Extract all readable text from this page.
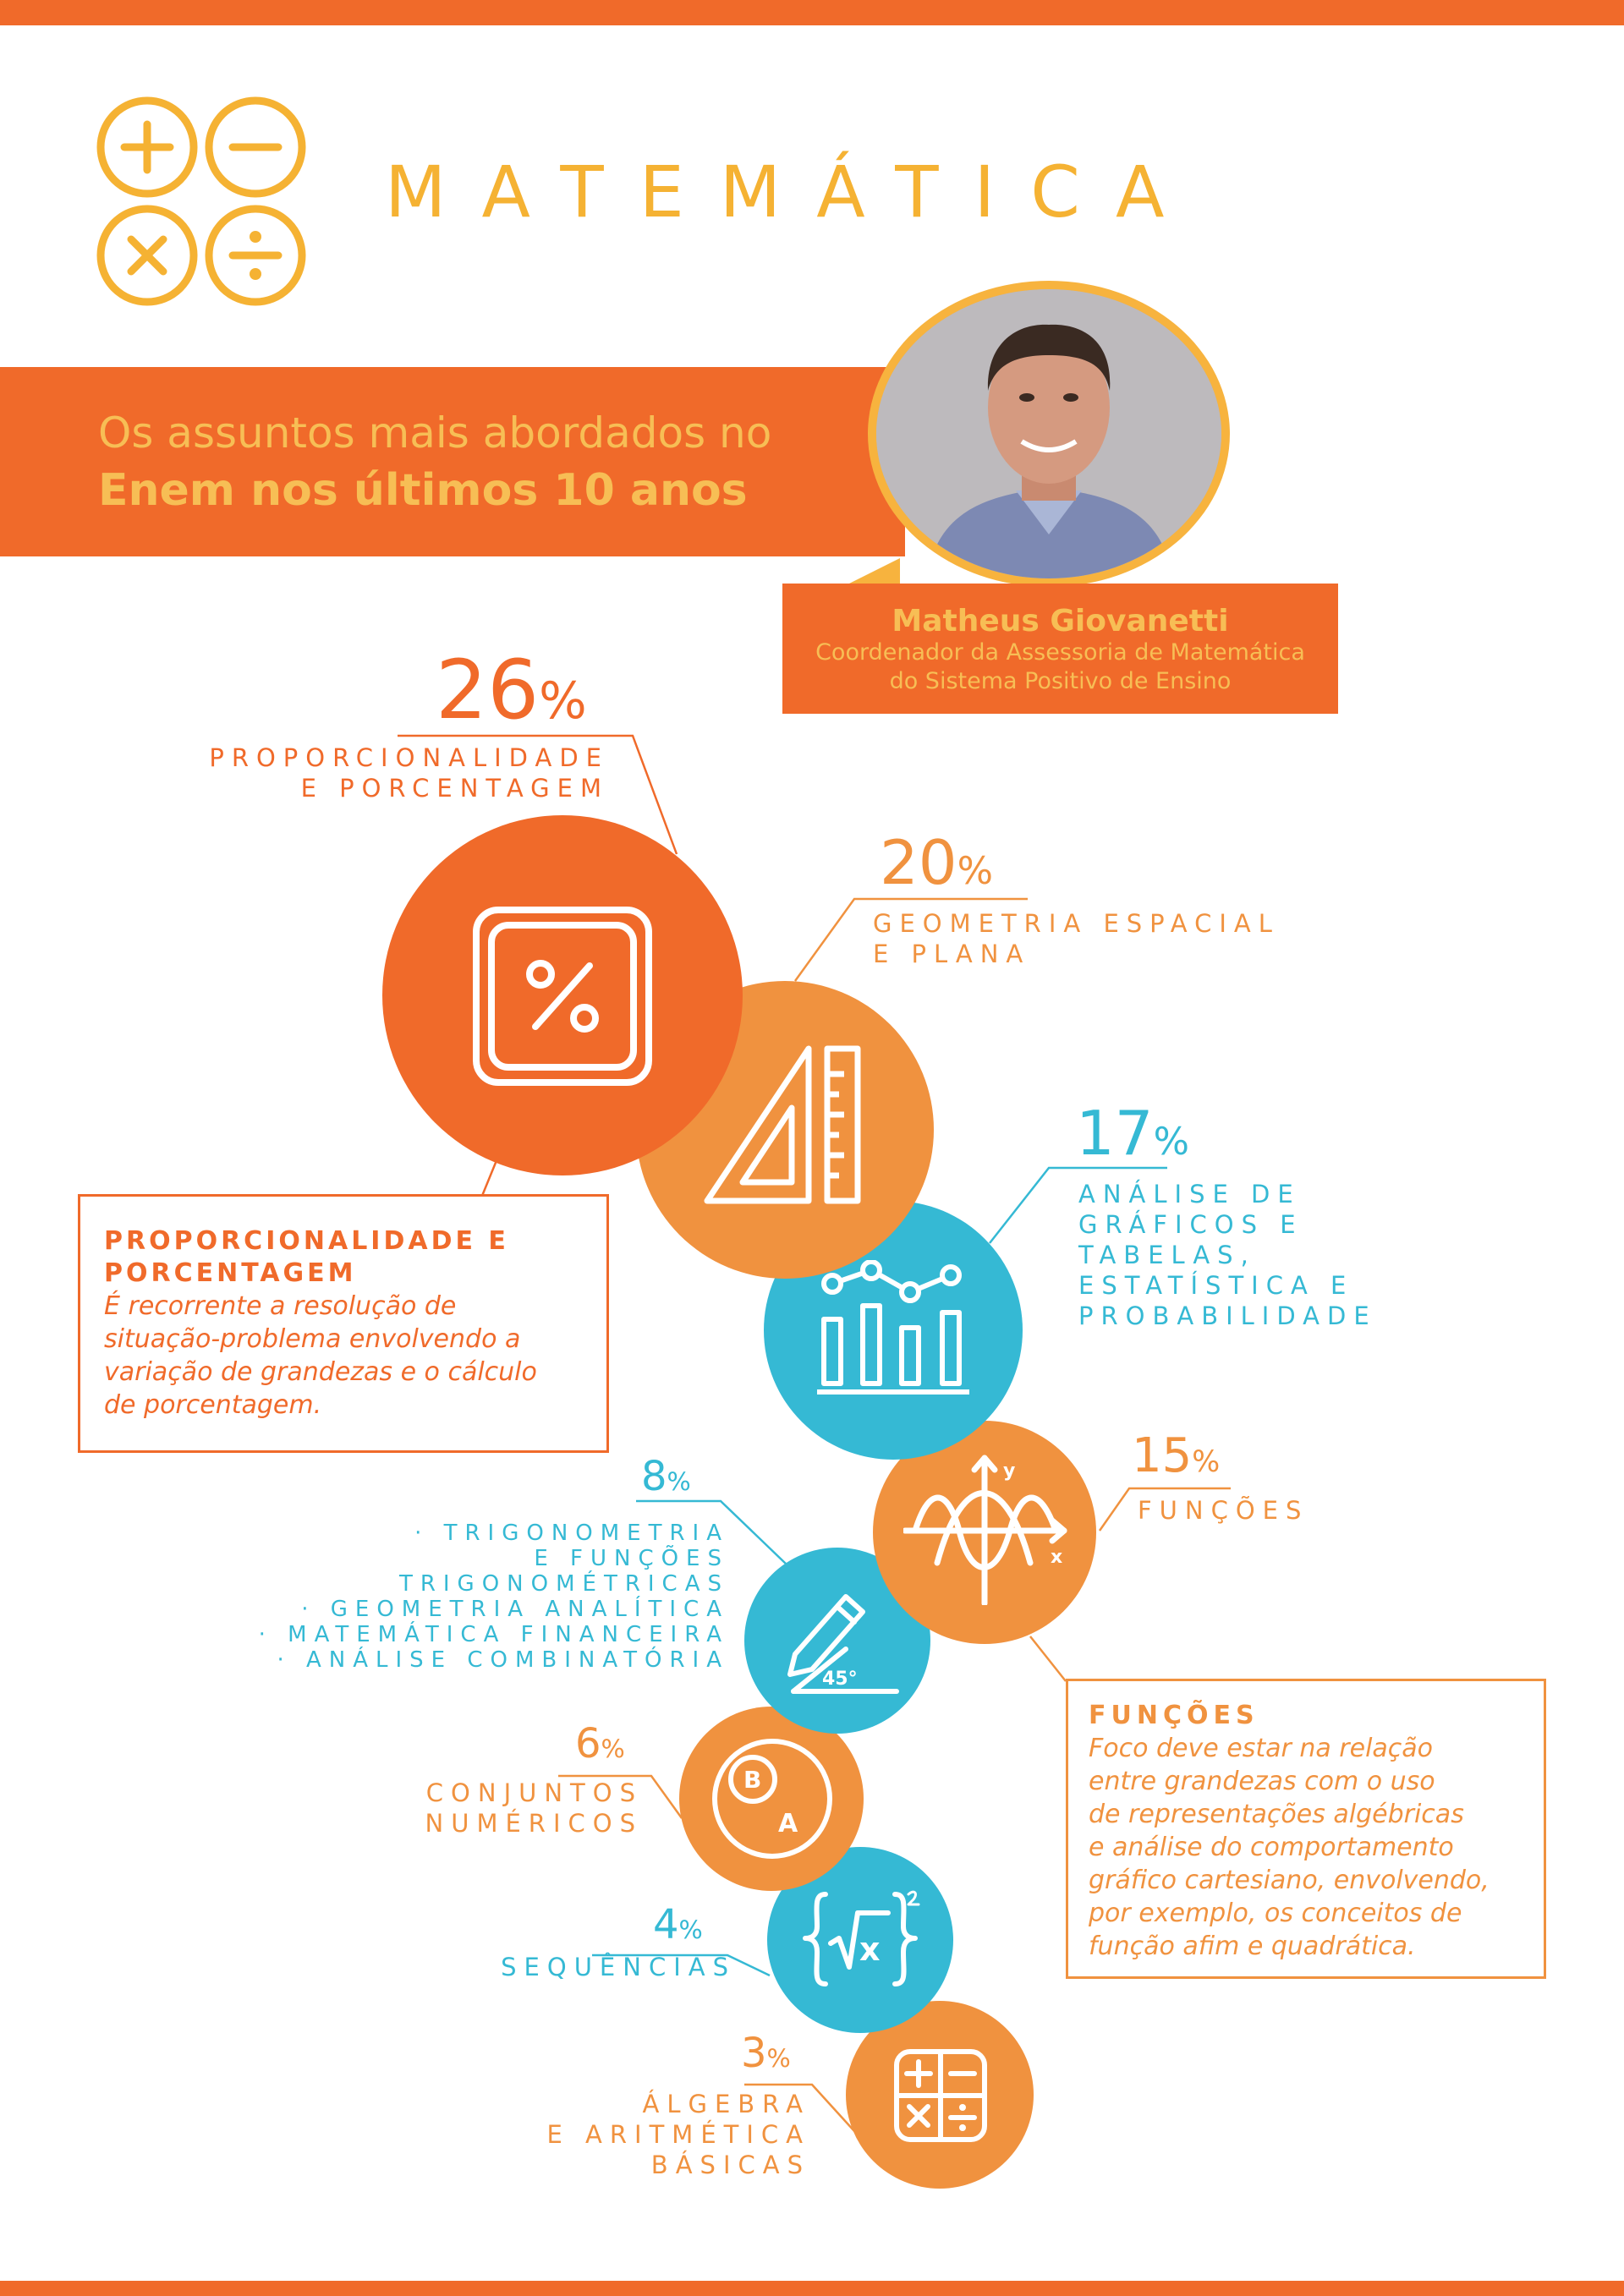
MATEMÁTICA
Os assuntos mais abordados no
Enem nos últimos 10 anos
Matheus Giovanetti
Coordenador da Assessoria de Matemática
do Sistema Positivo de Ensino
y
x
45°
B
A
x
26%
PROPORCIONALIDADE
E PORCENTAGEM
20%
GEOMETRIA ESPACIAL
E PLANA
17%
ANÁLISE DE
GRÁFICOS E
TABELAS,
ESTATÍSTICA E
PROBABILIDADE
15%
FUNÇÕES
8%
· TRIGONOMETRIA
E FUNÇÕES
TRIGONOMÉTRICAS
· GEOMETRIA ANALÍTICA
· MATEMÁTICA FINANCEIRA
· ANÁLISE COMBINATÓRIA
6%
CONJUNTOS
NUMÉRICOS
4%
SEQUÊNCIAS
3%
ÁLGEBRA
E ARITMÉTICA
BÁSICAS
PROPORCIONALIDADE E
PORCENTAGEM
É recorrente a resolução de
situação-problema envolvendo a
variação de grandezas e o cálculo
de porcentagem.
FUNÇÕES
Foco deve estar na relação
entre grandezas com o uso
de representações algébricas
e análise do comportamento
gráfico cartesiano, envolvendo,
por exemplo, os conceitos de
função afim e quadrática.
